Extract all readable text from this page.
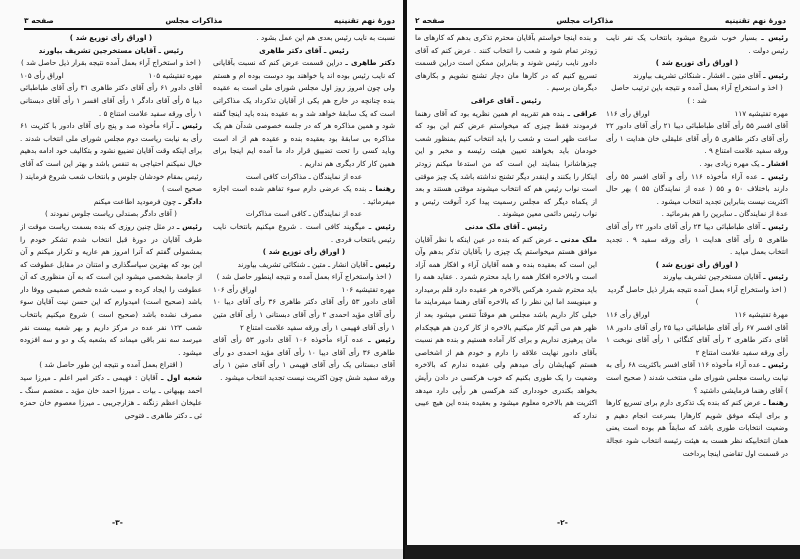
دورهٔ نهم تقنینیه
مذاکرات مجلس
صفحه ۳

نسبت به نایب رئیس بعدی هم این عمل بشود .

رئیس ـ آقای دکتر طاهری

دکتر طاهری ـ دراین قسمت عرض کنم که نسبت بآقایانی که نایب رئیس بوده اند یا خواهند بود دوست بوده ام و هستم ولی چون امروز روز اول مجلس شورای ملی است به عقیده بنده چنانچه در خارج هم یکی از آقایان تذکرداد یک مذاکراتی است که یک سابقهٔ خواهد شد و به عقیده بنده باید اینجا گفته شود و همین مذاکره هر که در جلسه خصوصی شدآن هم یک مذاکره بی سابقهٔ بود بعقیده بنده و عقیده هم از اد است وباید کسی را تحت تضییق قرار داد ما آمده ایم اینجا برای همین کار کار دیگری هم نداریم .

عده از نمایندگان ـ مذاکرات کافی است

رهنما ـ بنده یک عرضی دارم سوء تفاهم شده است اجازه میفرمائید .

عده از نمایندگان ـ کافی است مذاکرات

رئیس ـ میگویند کافی است . شروع میکنیم بانتخاب نایب رئیس بانتخاب فردی .

( اوراق رأی توزیع شد )

رئیس ـ آقایان انشار ـ متین ـ شنکائی تشریف بیاورند

( اخذ واستخراج آراء بعمل آمده و نتیجه اینطور حاصل شد )

مهره تفتیشیه ۱۰۶
اوراق رأی ۱۰۶

آقای دادور ۵۳ رأی آقای دکتر طاهری ۳۶ رأی آقای دیبا ۱۰ رأی آقای مؤید احمدی ۲ رأی آقای دبستانی ۱ رأی آقای متین ۱ رأی آقای فهیمی ۱ رأی ورقه سفید علامت امتناع ۲

رئیس ـ عده آراء مأخوذه ۱۰۶ آقای دادور ۵۳ رأی آقای طاهری ۳۶ رأی آقای دیبا ۱۰ رأی آقای مؤید احمدی دو رأی آقای دبستانی یک رأی آقای فهیمی ۱ رأی آقای متین ۱ رأی ورقه سفید شش چون اکثریت نیست تجدید انتخاب میشود .

( اوراق رأی توزیع شد )

رئیس ـ آقایان مستخرجین تشریف بیاورند

( اخذ و استخراج آراء بعمل آمده نتیجه بقرار ذیل حاصل شد )

مهره تفتیشیه ۱۰۵
اوراق رأی ۱۰۵

آقای دادور ۶۱ رأی آقای دکتر طاهری ۳۱ رأی آقای طباطبائی دیبا ۵ رأی آقای دادگر ۱ رأی آقای افسر ۱ رأی آقای دبستانی ۱ رأی ورقه سفید علامت امتناع ۵ .

رئیس ـ آراء مأخوذه صد و پنج رای آقای دادور با کثریت ۶۱ رأی به نیابت ریاست دوم مجلس شورای ملی انتخاب شدند . برای اینکه وقت آقایان تضییع نشود و بتکالیف خود ادامه بدهیم خیال نمیکنم احتیاجی به تنفس باشد و بهتر این است که آقای رئیس بمقام خودشان جلوس و بانتخاب شعب شروع فرمایند ( صحیح است )

دادگر ـ چون فرمودید اطاعت میکنم

( آقای دادگر بصندلی ریاست جلوس نمودند )

رئیس ـ در مثل چنین روزی که بنده بسمت ریاست موقت از طرف آقایان در دورهٔ قبل انتخاب شدم تشکر خودم را بمشمولی گفتم که آنرا امروز هم عاریه و تکرار میکنم و آن این بود که بهترین سپاسگذاری و امتنان در مقابل عطوفت که از جامعهٔ بشخصی میشود این است که به آن منظوری که آن عطوفت را ایجاد کرده و سبب شده شخص صمیمی ووفا دار باشد (صحیح است) امیدوارم که این حسن نیت آقایان سوء مصرف نشده باشد (صحیح است ) شروع میکنیم بانتخاب شعب ۱۲۳ نفر عده در مرکز داریم و بهر شعبه بیست نفر میرسد سه نفر باقی میماند که بشعبه یک و دو و سه افزوده میشود .

( اقتراع بعمل آمده و نتیجه این طور حاصل شد )

شعبه اول ـ آقایان : فهیمی ـ دکتر امیر اعلم ـ میرزا سید احمد بهبهانی ـ بیات ـ میرزا احمد خان مؤید ـ معتصم سنگ ـ علیخان اعظم زنگنه ـ هزارجریبی ـ میرزا معصوم خان حمزه ئی ـ دکتر طاهری ـ فتوحی

-۳-
دورهٔ نهم تقنینیه
مذاکرات مجلس
صفحه ۲

رئیس ـ بسیار خوب شروع میشود بانتخاب یک نفر نایب رئیس دولت .

( اوراق رأی توزیع شد )

رئیس ـ آقای متین ـ افشار ـ شنکائی تشریف بیاورند

( اخذ و استخراج آراء بعمل آمده و نتیجه باین ترتیب حاصل شد : )

مهره تفتیشیه ۱۱۷
اوراق رأی ۱۱۶

آقای افسر ۵۵ رأی آقای طباطبائی دیبا ۲۱ رأی آقای دادور ۲۲ رأی آقای دکتر طاهری ۵ رأی آقای علیقلی خان هدایت ۱ رأی ورقه سفید علامت امتناع ۹ .

افشار ـ یک مهره زیادی بود .

رئیس ـ عده آراء مأخوذه ۱۱۶ رأی و آقای افسر ۵۵ رأی دارند باختلاف ۵۰ و ۵۵ ( عده از نمایندگان ۵۵ ) بهر حال اکثریت نیست بنابراین تجدید انتخاب میشود .

عدهٔ از نمایندگان ـ سابرین را هم بفرمائید .

رئیس ـ آقای طباطبائی دیبا ۲۴ رأی آقای دادور ۲۲ رأی آقای طاهری ۵ رأی آقای هدایت ۱ رأی ورقه سفید ۹ . تجدید انتخاب بعمل میاید .

( اوراق رأی توزیع شد )

رئیس ـ آقایان مستخرجین تشریف بیاورند

( اخذ واستخراج آراء بعمل آمده نتیجه بقرار ذیل حاصل گردید )

مهرهٔ تفتیشیه ۱۱۶
اوراق رأی ۱۱۶

آقای افسر ۶۷ رأی آقای طباطبائی دیبا ۲۵ رأی آقای دادور ۱۸ آقای دکتر طاهری ۲ رأی آقای کنگائی ۱ رأی آقای نوبخت ۱ رأی ورقه سفید علامت امتناع ۲

رئیس ـ عده آراء مأخوذه ۱۱۶ آقای افسر باکثریت ۶۸ رأی به نیابت ریاست مجلس شورای ملی منتخب شدند ( صحیح است ) آقای رهنما فرمایشی داشتید ؟

رهنما ـ عرض کنم که بنده یک تذکری دارم برای تسریع کارها و برای اینکه موفق شویم کارهارا بسرعت انجام دهیم و وضعیت انتخابات طوری باشد که سابقاً هم بوده است یعنی همان انتخابیکه نظر هست به هیئت رئیسه انتخاب شود عجالة در قسمت اول تقاضی اینجا پرداخت

و بنده اینجا خواستم بآقایان محترم تذکری بدهم که کارهای ما زودتر تمام شود و شعب را انتخاب کنند . عرض کنم که آقای دادور نایب رئیس شوند و بنابراین ممکن است دراین قسمت تسریع کنیم که در کارها مان دچار تشنج نشویم و بکارهای دیگرمان برسیم .

رئیس ـ آقای عراقی

عراقی ـ بنده هم تقریبه ام همین نظریه بود که آقای رهنما فرمودند فقط چیزی که میخواستم عرض کنم این بود که ساعت ظهر است و شعب را باید انتخاب کنیم بمنظور شعب خودمان باید بخواهند تعیین هیئت رئیسه و مخبر و این چیزهاشانرا بنمایند این است که من استدعا میکنم زودتر اینکار را بکنند و اینقدر دیگر تشنج نداشته باشد یک چیز موقتی است نواب رئیس هم که انتخاب میشوند موقتی هستند و بعد از یکماه دیگر که مجلس رسمیت پیدا کرد آنوقت رئیس و نواب رئیس دائمی معین میشوند .

رئیس ـ آقای ملک مدنی

ملک مدنی ـ عرض کنم که بنده در عین اینکه با نظر آقایان موافق هستم میخواستم یک چیزی را بآقایان تذکر بدهم وآن این است که بعقیده بنده و همه آقایان آراء و افکار همه آزاد است و بالاخره افکار همه را باید محترم شمرد . عقاید همه را باید محترم شمرد هرکس بالاخره هر عقیده دارد قلم برمیدارد و مینویسد اما این نظر را که بالاخره آقای رهنما میفرمایند ما خیلی کار داریم باشد مجلس هم موقتاً تنفس میشود بعد از ظهر هم می آئیم کار میکنیم بالاخره از کار کردن هم هیچکدام مان پرهیزی نداریم و برای کار آماده هستیم و بنده هم نسبت بآقای دادور نهایت علاقه را دارم و خودم هم از اشخاصی هستم کهبایشان رأی میدهم ولی عقیده ندارم که بالاخره وضعیت را یک طوری بکنیم که خوب هرکسی در دادن رأیش بخواهد بکندری خودداری کند هرکسی هر رأیی دارد میدهد اکثریت هم بالاخره معلوم میشود و بعقیده بنده این هیچ عیبی ندارد که

-۲-
